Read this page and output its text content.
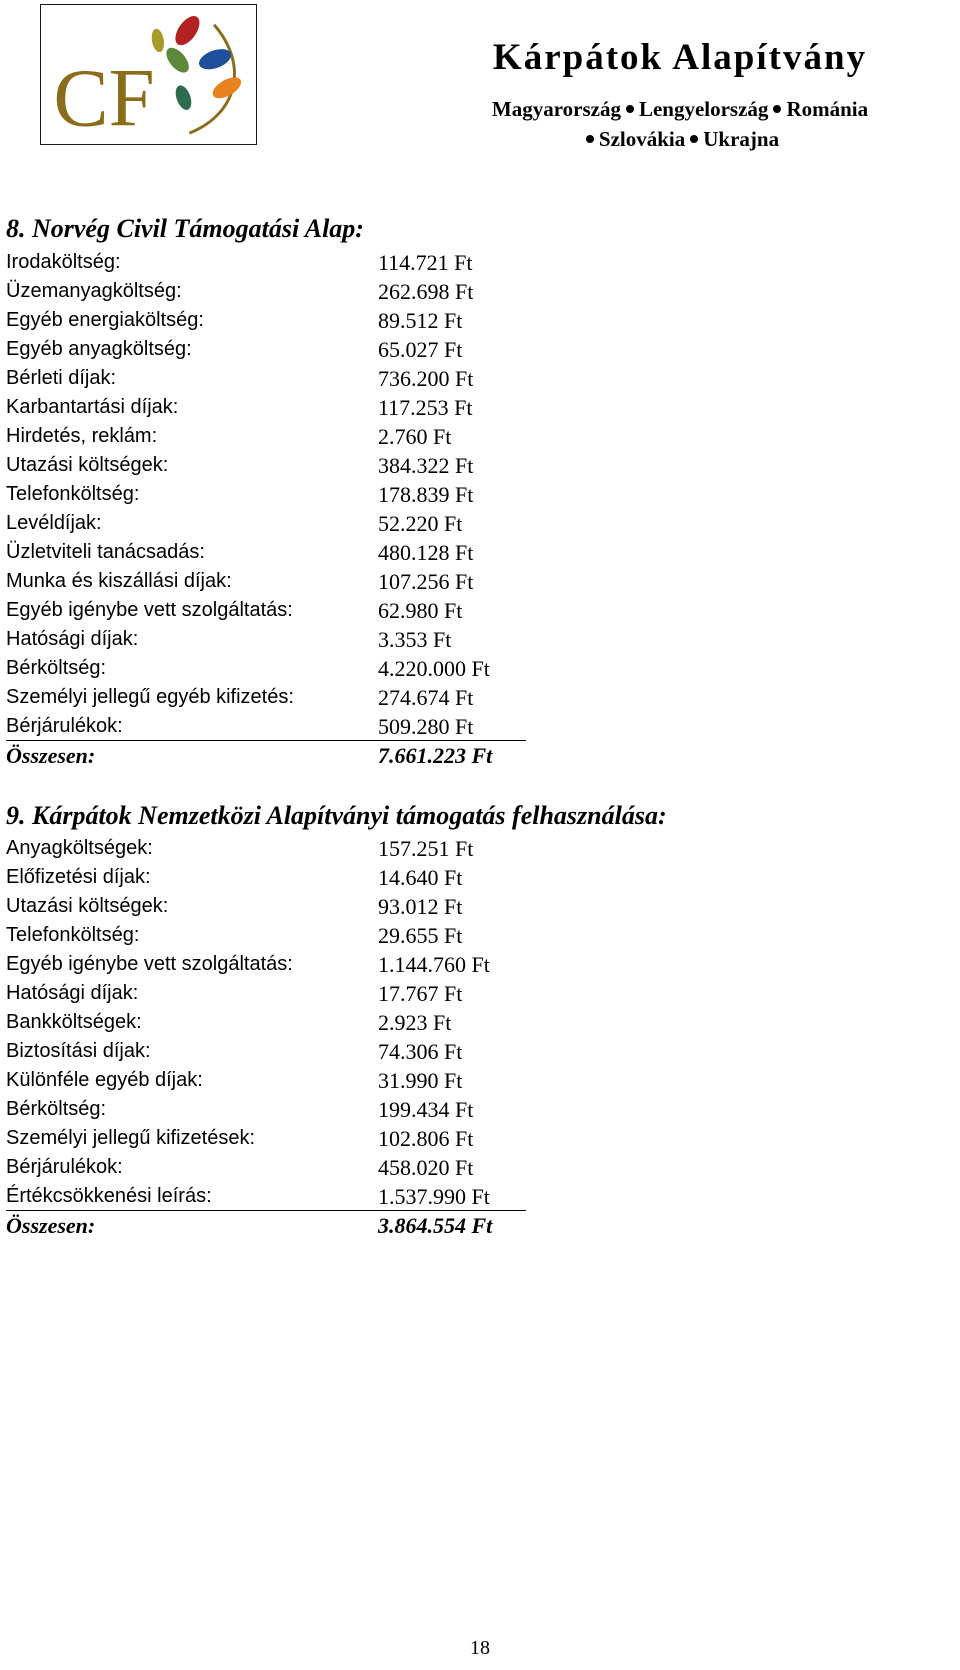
CF	Kárpátok Alapítvány
Magyarország Lengyelország Románia
Szlovákia Ukrajna
8. Norvég Civil Támogatási Alap:
Irodaköltség:	114.721 Ft
Üzemanyagköltség:	262.698 Ft
Egyéb energiaköltség:	89.512 Ft
Egyéb anyagköltség:	65.027 Ft
Bérleti díjak:	736.200 Ft
Karbantartási díjak:	117.253 Ft
Hirdetés, reklám:	2.760 Ft
Utazási költségek:	384.322 Ft
Telefonköltség:	178.839 Ft
Levéldíjak:	52.220 Ft
Üzletviteli tanácsadás:	480.128 Ft
Munka és kiszállási díjak:	107.256 Ft
Egyéb igénybe vett szolgáltatás:	62.980 Ft
Hatósági díjak:	3.353 Ft
Bérköltség:	4.220.000 Ft
Személyi jellegű egyéb kifizetés:	274.674 Ft
Bérjárulékok:	509.280 Ft
Összesen:	7.661.223 Ft
9. Kárpátok Nemzetközi Alapítványi támogatás felhasználása:
Anyagköltségek:	157.251 Ft
Előfizetési díjak:	14.640 Ft
Utazási költségek:	93.012 Ft
Telefonköltség:	29.655 Ft
Egyéb igénybe vett szolgáltatás:	1.144.760 Ft
Hatósági díjak:	17.767 Ft
Bankköltségek:	2.923 Ft
Biztosítási díjak:	74.306 Ft
Különféle egyéb díjak:	31.990 Ft
Bérköltség:	199.434 Ft
Személyi jellegű kifizetések:	102.806 Ft
Bérjárulékok:	458.020 Ft
Értékcsökkenési leírás:	1.537.990 Ft
Összesen:	3.864.554 Ft
18
